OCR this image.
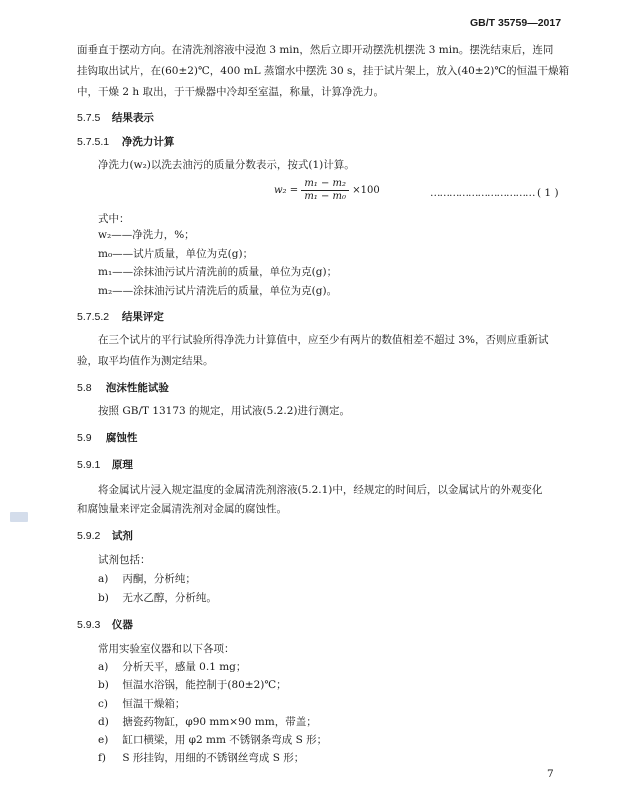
GB/T 35759—2017
面垂直于摆动方向。在清洗剂溶液中浸泡 3 min，然后立即开动摆洗机摆洗 3 min。摆洗结束后，连同
挂钩取出试片，在(60±2)℃，400 mL 蒸馏水中摆洗 30 s，挂于试片架上，放入(40±2)℃的恒温干燥箱
中，干燥 2 h 取出，于干燥器中冷却至室温，称量，计算净洗力。
5.7.5 结果表示
5.7.5.1 净洗力计算
净洗力(w₂)以洗去油污的质量分数表示，按式(1)计算。
$w_2 = \frac{\text{m₁ − m₂}}{\text{m₁ − m₀}} \times 100$	…………………………… ( 1 )
式中：
w₂——净洗力，%；
m₀——试片质量，单位为克(g)；
m₁——涂抹油污试片清洗前的质量，单位为克(g)；
m₂——涂抹油污试片清洗后的质量，单位为克(g)。
5.7.5.2 结果评定
在三个试片的平行试验所得净洗力计算值中，应至少有两片的数值相差不超过 3%，否则应重新试
验，取平均值作为测定结果。
5.8 泡沫性能试验
按照 GB/T 13173 的规定，用试液(5.2.2)进行测定。
5.9 腐蚀性
5.9.1 原理
将金属试片浸入规定温度的金属清洗剂溶液(5.2.1)中，经规定的时间后，以金属试片的外观变化
和腐蚀量来评定金属清洗剂对金属的腐蚀性。
5.9.2 试剂
试剂包括：
a) 丙酮，分析纯；
b) 无水乙醇，分析纯。
5.9.3 仪器
常用实验室仪器和以下各项：
a) 分析天平，感量 0.1 mg；
b) 恒温水浴锅，能控制于(80±2)℃；
c) 恒温干燥箱；
d) 搪瓷药物缸，φ90 mm×90 mm，带盖；
e) 缸口横梁，用 φ2 mm 不锈钢条弯成 S 形；
f) S 形挂钩，用细的不锈钢丝弯成 S 形；
7
